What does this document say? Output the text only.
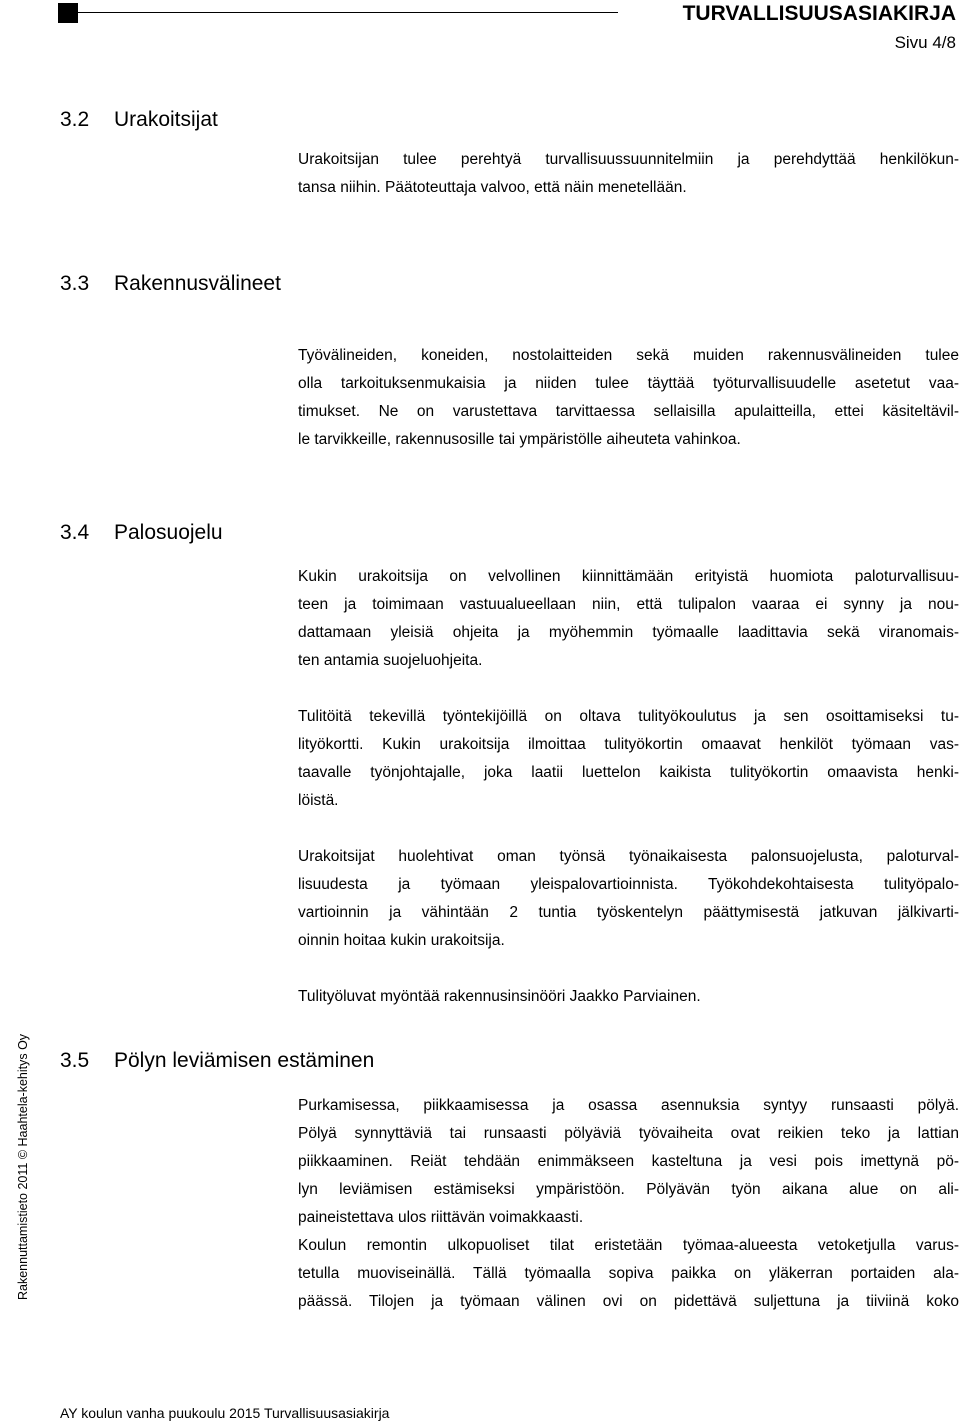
TURVALLISUUSASIAKIRJA
Sivu 4/8
Rakennuttamistieto 2011 © Haahtela-kehitys Oy
3.2 Urakoitsijat
Urakoitsijan tulee perehtyä turvallisuussuunnitelmiin ja perehdyttää henkilökun-
tansa niihin. Päätoteuttaja valvoo, että näin menetellään.
3.3 Rakennusvälineet
Työvälineiden, koneiden, nostolaitteiden sekä muiden rakennusvälineiden tulee
olla tarkoituksenmukaisia ja niiden tulee täyttää työturvallisuudelle asetetut vaa-
timukset. Ne on varustettava tarvittaessa sellaisilla apulaitteilla, ettei käsiteltävil-
le tarvikkeille, rakennusosille tai ympäristölle aiheuteta vahinkoa.
3.4 Palosuojelu
Kukin urakoitsija on velvollinen kiinnittämään erityistä huomiota paloturvallisuu-
teen ja toimimaan vastuualueellaan niin, että tulipalon vaaraa ei synny ja nou-
dattamaan yleisiä ohjeita ja myöhemmin työmaalle laadittavia sekä viranomais-
ten antamia suojeluohjeita.
Tulitöitä tekevillä työntekijöillä on oltava tulityökoulutus ja sen osoittamiseksi tu-
lityökortti. Kukin urakoitsija ilmoittaa tulityökortin omaavat henkilöt työmaan vas-
taavalle työnjohtajalle, joka laatii luettelon kaikista tulityökortin omaavista henki-
löistä.
Urakoitsijat huolehtivat oman työnsä työnaikaisesta palonsuojelusta, paloturval-
lisuudesta ja työmaan yleispalovartioinnista. Työkohdekohtaisesta tulityöpalo-
vartioinnin ja vähintään 2 tuntia työskentelyn päättymisestä jatkuvan jälkivarti-
oinnin hoitaa kukin urakoitsija.
Tulityöluvat myöntää rakennusinsinööri Jaakko Parviainen.
3.5 Pölyn leviämisen estäminen
Purkamisessa, piikkaamisessa ja osassa asennuksia syntyy runsaasti pölyä.
Pölyä synnyttäviä tai runsaasti pölyäviä työvaiheita ovat reikien teko ja lattian
piikkaaminen. Reiät tehdään enimmäkseen kasteltuna ja vesi pois imettynä pö-
lyn leviämisen estämiseksi ympäristöön. Pölyävän työn aikana alue on ali-
paineistettava ulos riittävän voimakkaasti.
Koulun remontin ulkopuoliset tilat eristetään työmaa-alueesta vetoketjulla varus-
tetulla muoviseinällä. Tällä työmaalla sopiva paikka on yläkerran portaiden ala-
päässä. Tilojen ja työmaan välinen ovi on pidettävä suljettuna ja tiiviinä koko
AY koulun vanha puukoulu 2015 Turvallisuusasiakirja
